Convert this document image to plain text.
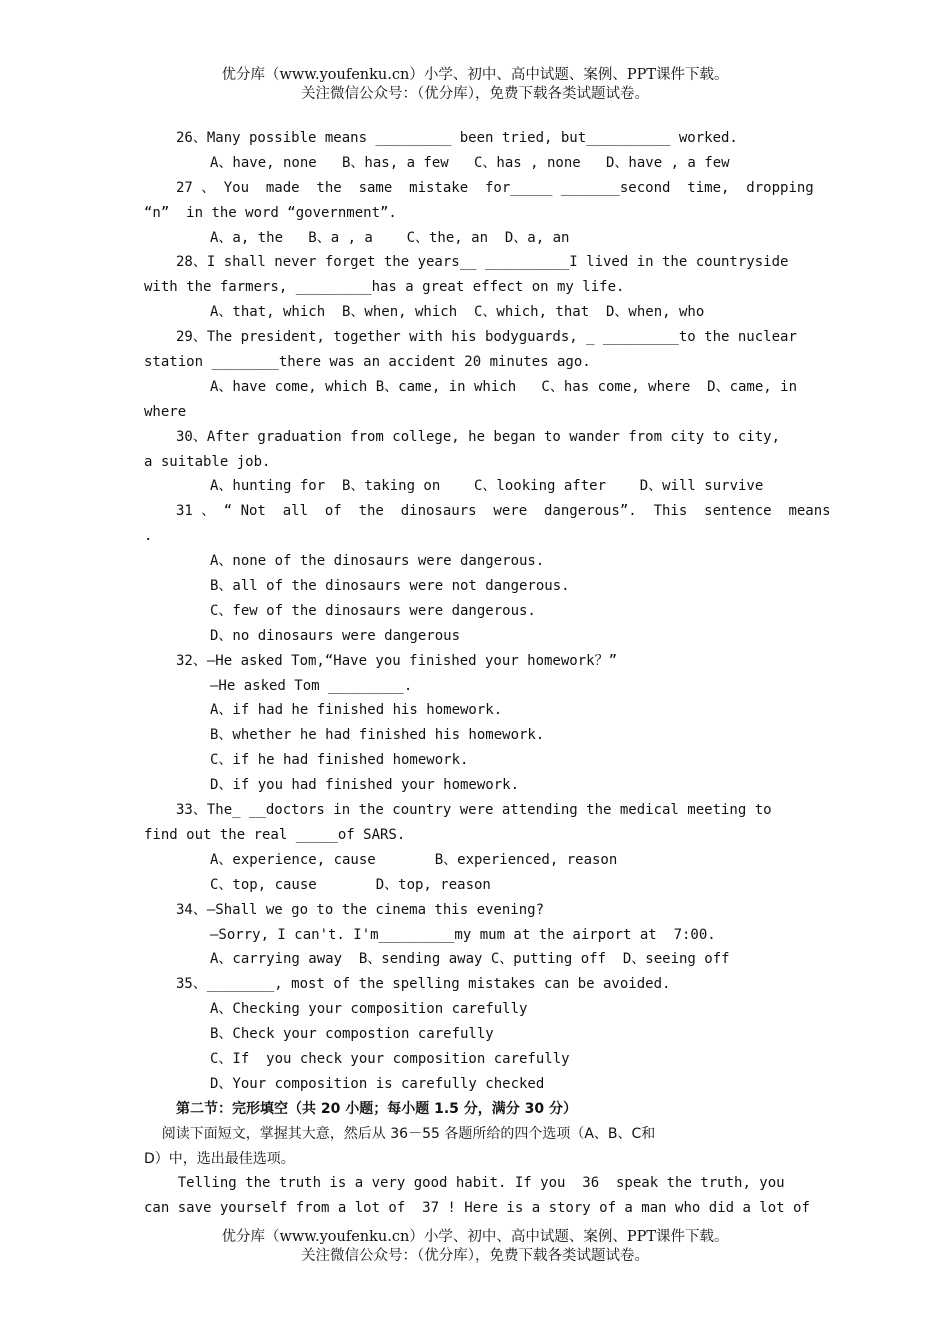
优分库（www.youfenku.cn）小学、初中、高中试题、案例、PPT课件下载。
关注微信公众号：（优分库），免费下载各类试题试卷。
26、Many possible means _________ been tried, but__________ worked.
A、have, none   B、has, a few   C、has , none   D、have , a few
27 、 You  made  the  same  mistake  for_____ _______second  time,  dropping
“n”  in the word “government”.
A、a, the   B、a , a    C、the, an  D、a, an
28、I shall never forget the years__ __________I lived in the countryside
with the farmers, _________has a great effect on my life.
A、that, which  B、when, which  C、which, that  D、when, who
29、The president, together with his bodyguards, _ _________to the nuclear
station ________there was an accident 20 minutes ago.
A、have come, which B、came, in which   C、has come, where  D、came, in
where
30、After graduation from college, he began to wander from city to city,
a suitable job.
A、hunting for  B、taking on    C、looking after    D、will survive
31 、 “ Not  all  of  the  dinosaurs  were  dangerous”.  This  sentence  means
.
A、none of the dinosaurs were dangerous.
B、all of the dinosaurs were not dangerous.
C、few of the dinosaurs were dangerous.
D、no dinosaurs were dangerous
32、—He asked Tom,“Have you finished your homework？”
—He asked Tom _________.
A、if had he finished his homework.
B、whether he had finished his homework.
C、if he had finished homework.
D、if you had finished your homework.
33、The_ __doctors in the country were attending the medical meeting to
find out the real _____of SARS.
A、experience, cause       B、experienced, reason
C、top, cause       D、top, reason
34、—Shall we go to the cinema this evening?
—Sorry, I can't. I'm_________my mum at the airport at  7:00.
A、carrying away  B、sending away C、putting off  D、seeing off
35、________, most of the spelling mistakes can be avoided.
A、Checking your composition carefully
B、Check your compostion carefully
C、If  you check your composition carefully
D、Your composition is carefully checked
第二节：完形填空（共 20 小题；每小题 1.5 分，满分 30 分）
阅读下面短文，掌握其大意，然后从 36－55 各题所给的四个选项（A、B、C和
D）中，选出最佳选项。
Telling the truth is a very good habit. If you  36  speak the truth, you
can save yourself from a lot of  37 ! Here is a story of a man who did a lot of
优分库（www.youfenku.cn）小学、初中、高中试题、案例、PPT课件下载。
关注微信公众号：（优分库），免费下载各类试题试卷。
